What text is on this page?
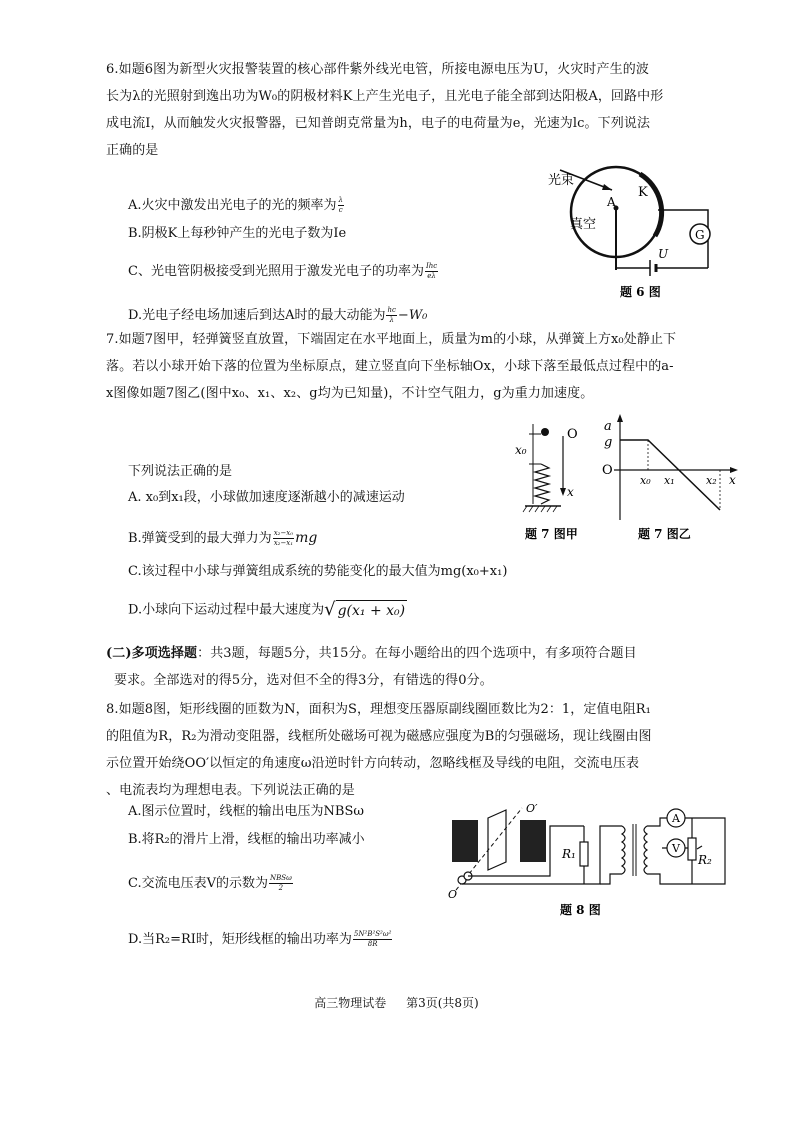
6.如题6图为新型火灾报警装置的核心部件紫外线光电管，所接电源电压为U，火灾时产生的波

长为λ的光照射到逸出功为W₀的阴极材料K上产生光电子，且光电子能全部到达阳极A，回路中形

成电流I，从而触发火灾报警器，已知普朗克常量为h，电子的电荷量为e，光速为lc。下列说法

正确的是

A.火灾中激发出光电子的光的频率为 $\frac{\lambda}{c}$
B.阴极K上每秒钟产生的光电子数为Ie
C、光电管阴极接受到光照用于激发光电子的功率为 $\frac{\text{Ihc}}{e\lambda}$
D.光电子经电场加速后到达A时的最大动能为 $\frac{hc}{\lambda} -W_0$
光束
K
A
真空
G
U
题 6 图

7.如题7图甲，轻弹簧竖直放置，下端固定在水平地面上，质量为m的小球，从弹簧上方x₀处静止下

落。若以小球开始下落的位置为坐标原点，建立竖直向下坐标轴Ox，小球下落至最低点过程中的a-

x图像如题7图乙(图中x₀、x₁、x₂、g均为已知量)，不计空气阻力，g为重力加速度。

下列说法正确的是
A. x₀到x₁段，小球做加速度逐渐越小的减速运动
B.弹簧受到的最大弹力为 $\frac{\text{x₂−x₀}}{\text{x₂−x₁}}$ mg
C.该过程中小球与弹簧组成系统的势能变化的最大值为mg(x₀+x₁)
D.小球向下运动过程中最大速度为 √ g(x₁ + x₀)
x₀
O
x
题 7 图甲
a
g
O
x₀ x₁	x₂ x
题 7 图乙

(二)多项选择题：共3题，每题5分，共15分。在每小题给出的四个选项中，有多项符合题目

要求。全部选对的得5分，选对但不全的得3分，有错选的得0分。

8.如题8图，矩形线圈的匝数为N，面积为S，理想变压器原副线圈匝数比为2：1，定值电阻R₁

的阻值为R，R₂为滑动变阻器，线框所处磁场可视为磁感应强度为B的匀强磁场，现让线圈由图

示位置开始绕OO′以恒定的角速度ω沿逆时针方向转动，忽略线框及导线的电阻，交流电压表

、电流表均为理想电表。下列说法正确的是

A.图示位置时，线框的输出电压为NBSω
B.将R₂的滑片上滑，线框的输出功率减小
C.交流电压表V的示数为 $\frac{\text{NBSω}}{2}$
D.当R₂=RI时，矩形线框的输出功率为 $\frac{\text{5N²B²S²ω²}}{8R}$
O′
O
R₁
A
V
R₂
题 8 图
高三物理试卷 第3页(共8页)
